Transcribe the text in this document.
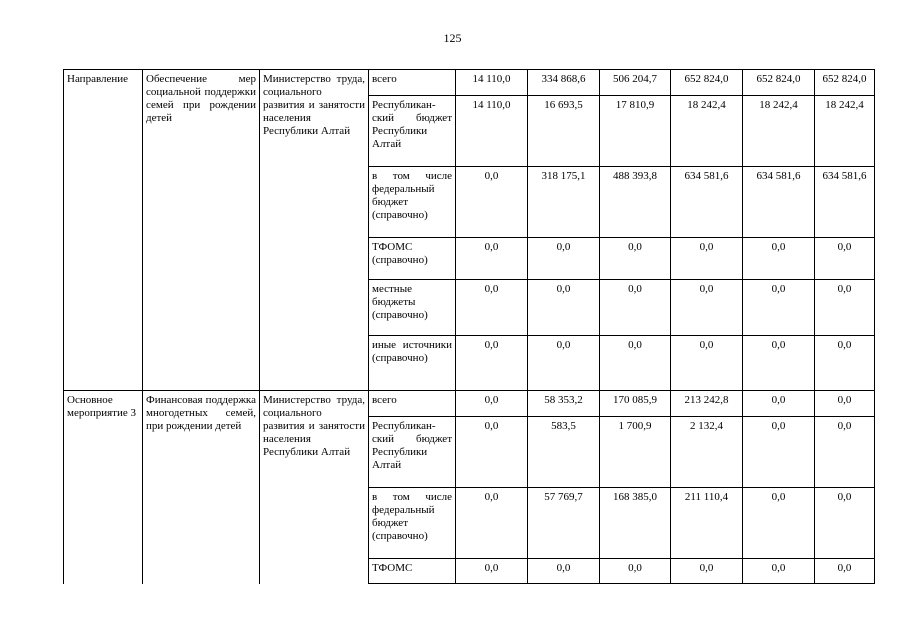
125
Направление	Обеспечение мер социальной поддержки семей при рождении детей	Министерство труда, социального развития и занятости населения Республики Алтай	всего	14 110,0	334 868,6	506 204,7	652 824,0	652 824,0	652 824,0
			Республикан-ский бюджет Республики Алтай	14 110,0	16 693,5	17 810,9	18 242,4	18 242,4	18 242,4
			в том числе федеральный бюджет (справочно)	0,0	318 175,1	488 393,8	634 581,6	634 581,6	634 581,6
			ТФОМС (справочно)	0,0	0,0	0,0	0,0	0,0	0,0
			местные бюджеты (справочно)	0,0	0,0	0,0	0,0	0,0	0,0
			иные источники (справочно)	0,0	0,0	0,0	0,0	0,0	0,0
Основное мероприятие 3	Финансовая поддержка многодетных семей, при рождении детей	Министерство труда, социального развития и занятости населения Республики Алтай	всего	0,0	58 353,2	170 085,9	213 242,8	0,0	0,0
			Республикан-ский бюджет Республики Алтай	0,0	583,5	1 700,9	2 132,4	0,0	0,0
			в том числе федеральный бюджет (справочно)	0,0	57 769,7	168 385,0	211 110,4	0,0	0,0
			ТФОМС	0,0	0,0	0,0	0,0	0,0	0,0
